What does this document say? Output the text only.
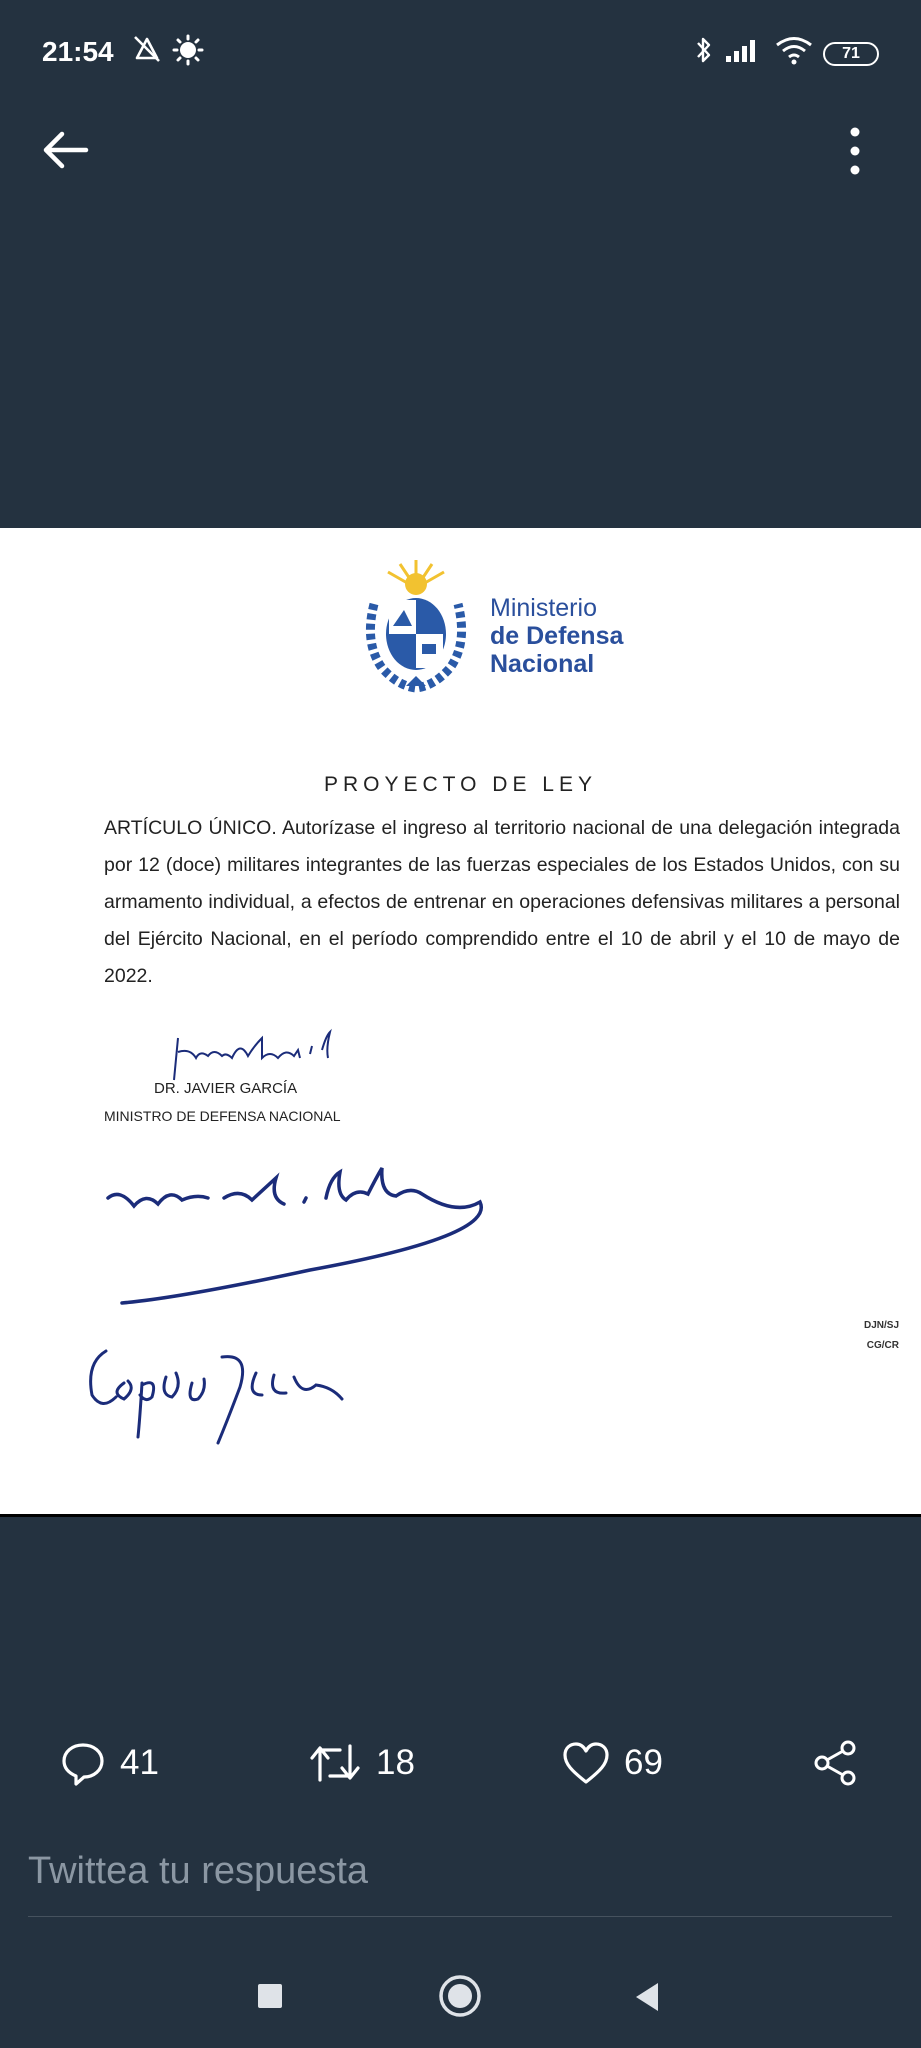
21:54	71
Ministerio
de Defensa
Nacional
PROYECTO DE LEY
ARTÍCULO ÚNICO. Autorízase el ingreso al territorio nacional de una delegación integrada por 12 (doce) militares integrantes de las fuerzas especiales de los Estados Unidos, con su armamento individual, a efectos de entrenar en operaciones defensivas militares a personal del Ejército Nacional, en el período comprendido entre el 10 de abril y el 10 de mayo de 2022.
DR. JAVIER GARCÍA
MINISTRO DE DEFENSA NACIONAL
DJN/SJ
CG/CR
41	18	69
Twittea tu respuesta
